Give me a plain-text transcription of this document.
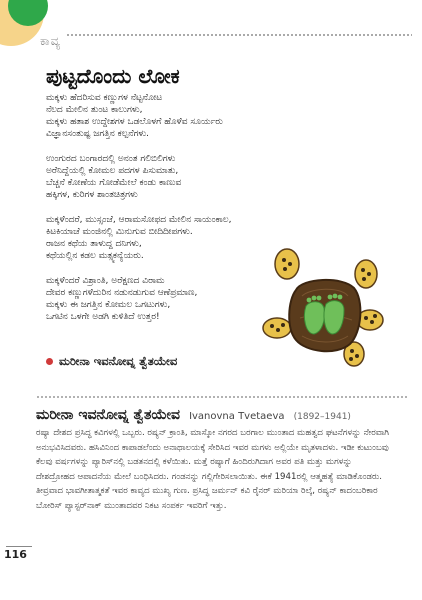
ಕಾವ್ಯ
ಪುಟ್ಟದೊಂದು ಲೋಕ
ಮಕ್ಕಳು ಹೆದರಿಸುವ ಕಣ್ಣುಗಳ ನೆಟ್ಟನೋಟ
ನೆಲದ ಮೇಲಿನ ತುಂಟ ಕಾಲುಗಳು,
ಮಕ್ಕಳು ಹತಾಶ ಉದ್ದೇಶಗಳ ಒಡಲೊಳಗೆ ಹೊಳೆವ ಸೂರ್ಯರು
ವಿಜ್ಞಾನಸಂತುಷ್ಟ ಜಗತ್ತಿನ ಕಲ್ಪನೆಗಳು.
ಉಂಗುರದ ಬಂಗಾರದಲ್ಲಿ ಅನಂತ ಗಲಿಬಿಲಿಗಳು
ಅರೆನಿದ್ದೆಯಲ್ಲಿ ಕೋಮಲ ಪದಗಳ ಪಿಸುಮಾತು,
ಬೆಚ್ಚನೆ ಕೋಣೆಯ ಗೋಡೆಮೇಲೆ ಕಂಡು ಕಾಣುವ
ಹಕ್ಕಿಗಳ, ಕುರಿಗಳ ಶಾಂತಚಿತ್ರಗಳು
ಮಕ್ಕಳೆಂದರೆ, ಮುಸ್ಸಂಜೆ, ಆರಾಮಸೋಫದ ಮೇಲಿನ ಸಾಯಂಕಾಲ,
ಕಿಟಕಿಯಾಚೆ ಮಂಜಿನಲ್ಲಿ ಮಿನುಗುವ ಬೀದಿದೀಪಗಳು.
ರಾಜನ ಕಥೆಯ ತಾಳುದ್ದ ದನಿಗಳು,
ಕಥೆಯಲ್ಲಿನ ಕಡಲ ಮತ್ಸ್ಯಕನ್ಯೆಯರು.
ಮಕ್ಕಳೆಂದರೆ ವಿಶ್ರಾಂತಿ, ಅರೆಕ್ಷಣದ ವಿರಾಮ
ದೇವರ ಕಣ್ಣುಗಳೆದುರಿನ ನಡುನಡುಗುವ ಆಣೆಪ್ರಮಾಣ,
ಮಕ್ಕಳು ಈ ಜಗತ್ತಿನ ಕೋಮಲ ಒಗಟುಗಳು,
ಒಗಟಿನ ಒಳಗೇ ಅಡಗಿ ಕುಳಿತಿದೆ ಉತ್ತರ!
ಮರೀನಾ ಇವನೋವ್ನ ತ್ವೆತಯೇವ
ಮರೀನಾ ಇವನೋವ್ನ ತ್ವೆತಯೇವ Ivanovna Tvetaeva (1892–1941)
ರಷ್ಯಾ ದೇಶದ ಪ್ರಸಿದ್ಧ ಕವಿಗಳಲ್ಲಿ ಒಬ್ಬರು. ರಷ್ಯನ್ ಕ್ರಾಂತಿ, ಮಾಸ್ಕೋ ನಗರದ ಬರಗಾಲ ಮುಂತಾದ ಮಹತ್ವದ ಘಟನೆಗಳನ್ನು ನೇರವಾಗಿ ಅನುಭವಿಸಿದವರು. ಹಸಿವಿನಿಂದ ಕಾಪಾಡಲೆಂದು ಅನಾಥಾಲಯಕ್ಕೆ ಸೇರಿಸಿದ ಇವರ ಮಗಳು ಅಲ್ಲಿಯೇ ಮೃತಳಾದಳು. ಇಡೀ ಕುಟುಂಬವು ಕೆಲವು ವರ್ಷಗಳನ್ನು ಪ್ಯಾರಿಸ್‌ನಲ್ಲಿ ಬಡತನದಲ್ಲಿ ಕಳೆಯಿತು. ಮತ್ತೆ ರಷ್ಯಾಗೆ ಹಿಂದಿರುಗಿದಾಗ ಅವರ ಪತಿ ಮತ್ತು ಮಗಳನ್ನು ದೇಶದ್ರೋಹದ ಆಪಾದನೆಯ ಮೇಲೆ ಬಂಧಿಸಿದರು. ಗಂಡನನ್ನು ಗಲ್ಲಿಗೇರಿಸಲಾಯಿತು. ಈಕೆ 1941ರಲ್ಲಿ ಆತ್ಮಹತ್ಯೆ ಮಾಡಿಕೊಂಡರು. ತೀವ್ರವಾದ ಭಾವಗೀತಾತ್ಮಕತೆ ಇವರ ಕಾವ್ಯದ ಮುಖ್ಯ ಗುಣ. ಪ್ರಸಿದ್ಧ ಜರ್ಮನ್ ಕವಿ ರೈನರ್ ಮರಿಯಾ ರಿಲ್ಕೆ, ರಷ್ಯನ್ ಕಾದಂಬರಿಕಾರ ಬೋರಿಸ್ ಪ್ಯಾಸ್ಟರ್‌ನಾಕ್ ಮುಂತಾದವರ ನಿಕಟ ಸಂಪರ್ಕ ಇವರಿಗೆ ಇತ್ತು.
116
